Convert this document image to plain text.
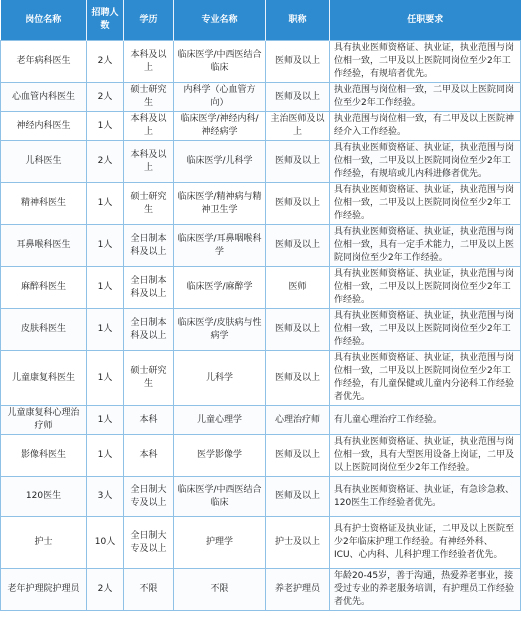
岗位名称	招聘人数	学历	专业名称	职称	任职要求
老年病科医生	2人	本科及以上	临床医学/中西医结合临床	医师及以上	具有执业医师资格证、执业证，执业范围与岗位相一致，二甲及以上医院同岗位至少2年工作经验，有规培者优先。
心血管内科医生	2人	硕士研究生	内科学（心血管方向）	医师及以上	执业范围与岗位相一致，二甲及以上医院同岗位至少2年工作经验。
神经内科医生	1人	本科及以上	临床医学/神经内科/神经病学	主治医师及以上	执业范围与岗位相一致，有二甲及以上医院神经介入工作经验。
儿科医生	2人	本科及以上	临床医学/儿科学	医师及以上	具有执业医师资格证、执业证，执业范围与岗位相一致，二甲及以上医院同岗位至少2年工作经验，有规培或儿内科进修者优先。
精神科医生	1人	硕士研究生	临床医学/精神病与精神卫生学	医师及以上	具有执业医师资格证、执业证，执业范围与岗位相一致，二甲及以上医院同岗位至少2年工作经验。
耳鼻喉科医生	1人	全日制本科及以上	临床医学/耳鼻咽喉科学	医师及以上	具有执业医师资格证、执业证，执业范围与岗位相一致，具有一定手术能力，二甲及以上医院同岗位至少2年工作经验。
麻醉科医生	1人	全日制本科及以上	临床医学/麻醉学	医师	具有执业医师资格证、执业证，执业范围与岗位相一致，二甲及以上医院同岗位至少2年工作经验。
皮肤科医生	1人	全日制本科及以上	临床医学/皮肤病与性病学	医师及以上	具有执业医师资格证、执业证，执业范围与岗位相一致，二甲及以上医院同岗位至少2年工作经验。
儿童康复科医生	1人	硕士研究生	儿科学	医师及以上	具有执业医师资格证、执业证，执业范围与岗位相一致，二甲及以上医院同岗位至少2年工作经验，有儿童保健或儿童内分泌科工作经验者优先。
儿童康复科心理治疗师	1人	本科	儿童心理学	心理治疗师	有儿童心理治疗工作经验。
影像科医生	1人	本科	医学影像学	医师及以上	具有执业医师资格证、执业证，执业范围与岗位相一致，具有大型医用设备上岗证，二甲及以上医院同岗位至少2年工作经验。
120医生	3人	全日制大专及以上	临床医学/中西医结合临床	医师及以上	具有执业医师资格证、执业证，有急诊急救、120医生工作经验者优先。
护士	10人	全日制大专及以上	护理学	护士及以上	具有护士资格证及执业证，二甲及以上医院至少2年临床护理工作经验。有神经外科、ICU、心内科、儿科护理工作经验者优先。
老年护理院护理员	2人	不限	不限	养老护理员	年龄20-45岁，善于沟通，热爱养老事业，接受过专业的养老服务培训，有护理员工作经验者优先。
